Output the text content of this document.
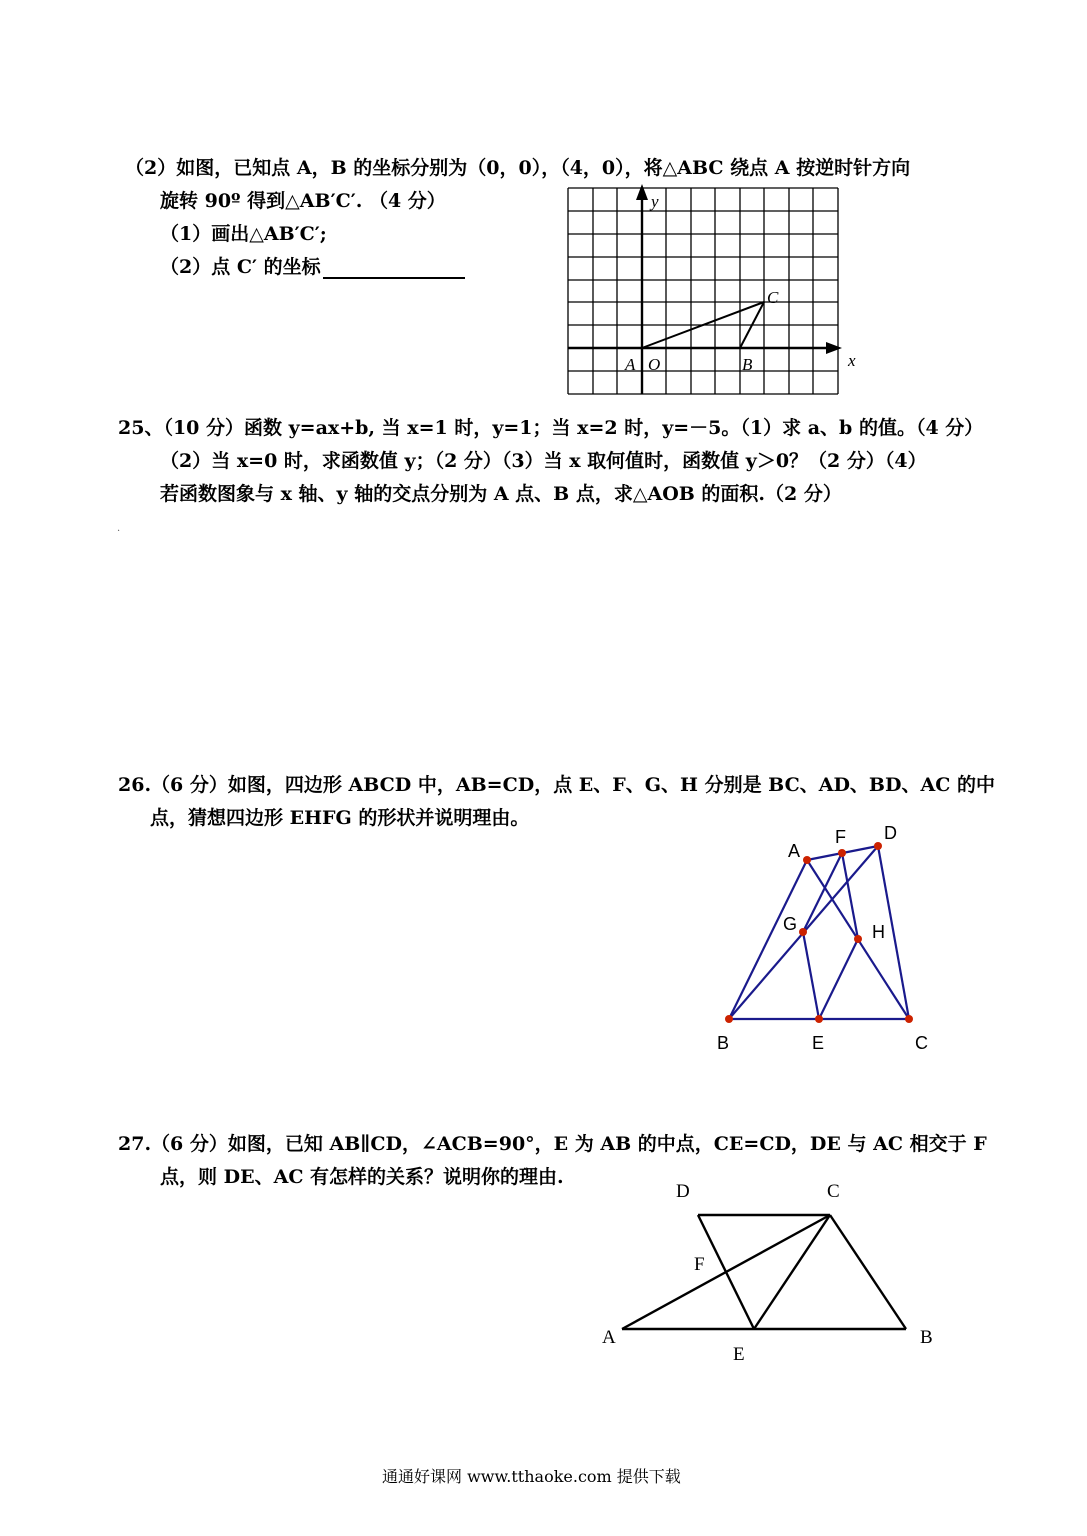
（2）如图，已知点 A，B 的坐标分别为（0，0），（4，0），将△ABC 绕点 A 按逆时针方向
旋转 90º 得到△AB′C′. （4 分）
（1）画出△AB′C′;
（2）点 C′ 的坐标
y
x
A O	B
C
25、（10 分）函数 y=ax+b, 当 x=1 时，y=1；当 x=2 时，y=－5。（1）求 a、b 的值。（4 分）
（2）当 x=0 时，求函数值 y；（2 分）（3）当 x 取何值时，函数值 y＞0？（2 分）（4）
若函数图象与 x 轴、y 轴的交点分别为 A 点、B 点，求△AOB 的面积.（2 分）
·
26.（6 分）如图，四边形 ABCD 中，AB=CD，点 E、F、G、H 分别是 BC、AD、BD、AC 的中
点，猜想四边形 EHFG 的形状并说明理由。
A
F D
G	H
B	E	C
27.（6 分）如图，已知 AB∥CD，∠ACB=90°，E 为 AB 的中点，CE=CD，DE 与 AC 相交于 F
点，则 DE、AC 有怎样的关系？说明你的理由.
D	C
F
A
E
B
通通好课网 www.tthaoke.com 提供下载
